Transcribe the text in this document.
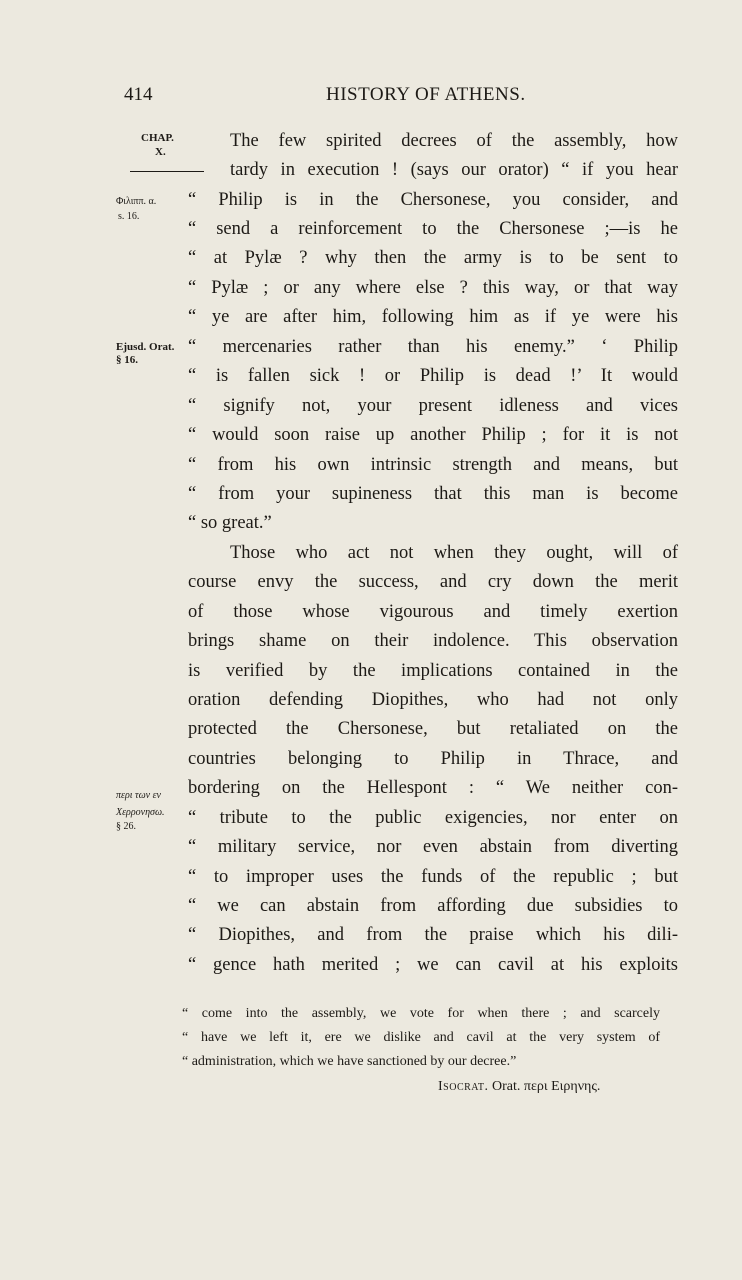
414	HISTORY OF ATHENS.
CHAP.
X.
Φιλιππ. α.
s. 16.
Ejusd. Orat.
§ 16.
περι των εν
Χερρονησω.
§ 26.
The few spirited decrees of the assembly, how
tardy in execution ! (says our orator) “ if you hear
“ Philip is in the Chersonese, you consider, and
“ send a reinforcement to the Chersonese ;—is he
“ at Pylæ ? why then the army is to be sent to
“ Pylæ ; or any where else ? this way, or that way
“ ye are after him, following him as if ye were his
“ mercenaries rather than his enemy.” ‘ Philip
“ is fallen sick ! or Philip is dead !’ It would
“ signify not, your present idleness and vices
“ would soon raise up another Philip ; for it is not
“ from his own intrinsic strength and means, but
“ from your supineness that this man is become
“ so great.”
Those who act not when they ought, will of
course envy the success, and cry down the merit
of those whose vigourous and timely exertion
brings shame on their indolence. This observation
is verified by the implications contained in the
oration defending Diopithes, who had not only
protected the Chersonese, but retaliated on the
countries belonging to Philip in Thrace, and
bordering on the Hellespont : “ We neither con-
“ tribute to the public exigencies, nor enter on
“ military service, nor even abstain from diverting
“ to improper uses the funds of the republic ; but
“ we can abstain from affording due subsidies to
“ Diopithes, and from the praise which his dili-
“ gence hath merited ; we can cavil at his exploits
“ come into the assembly, we vote for when there ; and scarcely
“ have we left it, ere we dislike and cavil at the very system of
“ administration, which we have sanctioned by our decree.”
Isocrat. Orat. περι Ειρηνης.
